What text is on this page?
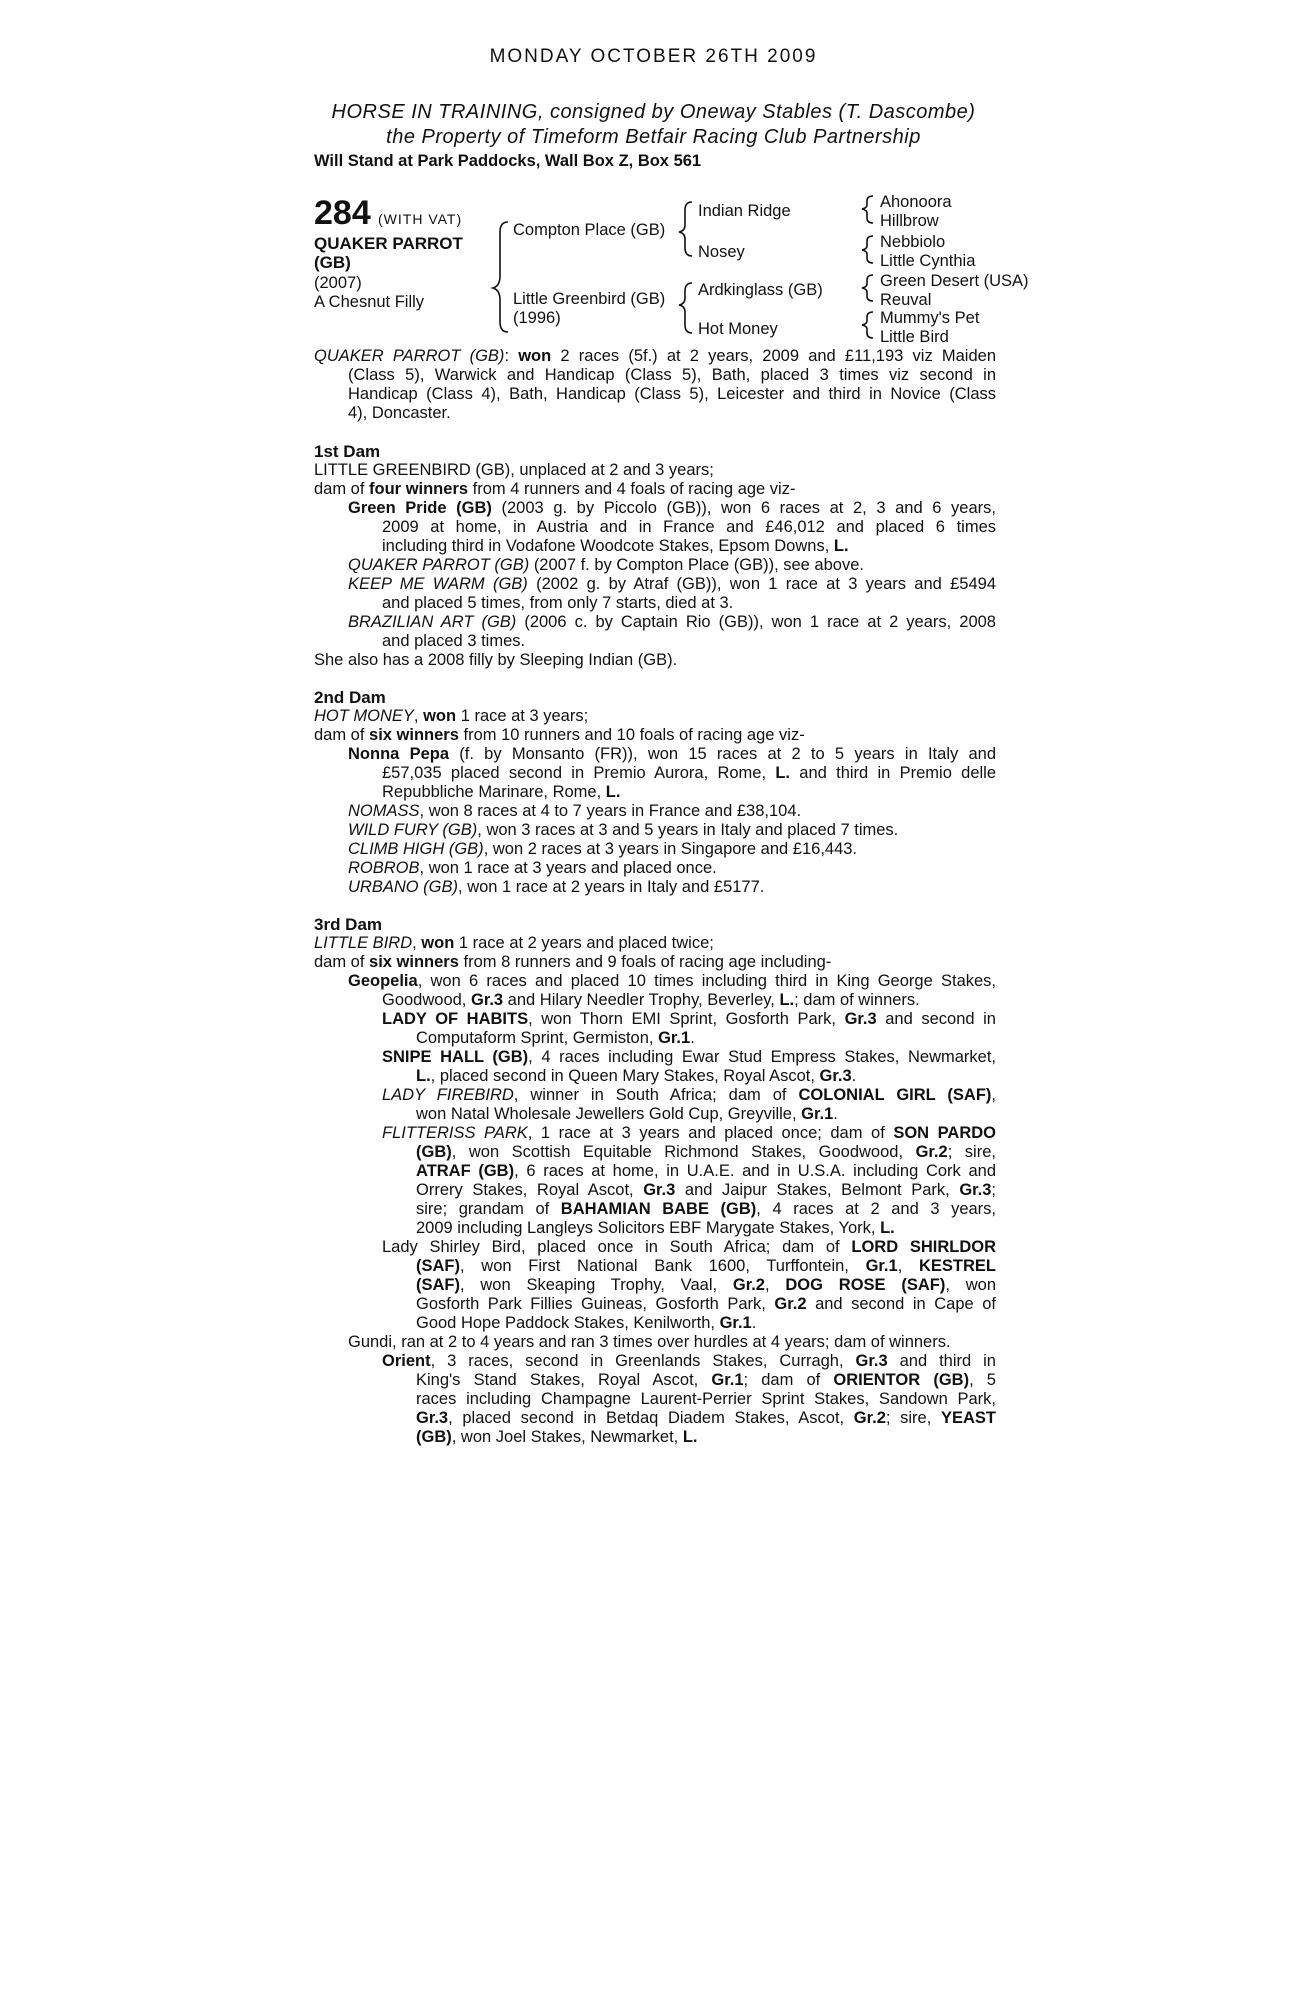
MONDAY OCTOBER 26TH 2009
HORSE IN TRAINING, consigned by Oneway Stables (T. Dascombe)
the Property of Timeform Betfair Racing Club Partnership
Will Stand at Park Paddocks, Wall Box Z, Box 561
284 (WITH VAT)
QUAKER PARROT
(GB)
(2007)
A Chesnut Filly
Compton Place (GB)
Little Greenbird (GB)
(1996)
Indian Ridge
Nosey
Ardkinglass (GB)
Hot Money
Ahonoora
Hillbrow
Nebbiolo
Little Cynthia
Green Desert (USA)
Reuval
Mummy's Pet
Little Bird
QUAKER PARROT (GB): won 2 races (5f.) at 2 years, 2009 and £11,193 viz Maiden
(Class 5), Warwick and Handicap (Class 5), Bath, placed 3 times viz second in
Handicap (Class 4), Bath, Handicap (Class 5), Leicester and third in Novice (Class
4), Doncaster.
1st Dam
LITTLE GREENBIRD (GB), unplaced at 2 and 3 years;
dam of four winners from 4 runners and 4 foals of racing age viz-
Green Pride (GB) (2003 g. by Piccolo (GB)), won 6 races at 2, 3 and 6 years,
2009 at home, in Austria and in France and £46,012 and placed 6 times
including third in Vodafone Woodcote Stakes, Epsom Downs, L.
QUAKER PARROT (GB) (2007 f. by Compton Place (GB)), see above.
KEEP ME WARM (GB) (2002 g. by Atraf (GB)), won 1 race at 3 years and £5494
and placed 5 times, from only 7 starts, died at 3.
BRAZILIAN ART (GB) (2006 c. by Captain Rio (GB)), won 1 race at 2 years, 2008
and placed 3 times.
She also has a 2008 filly by Sleeping Indian (GB).
2nd Dam
HOT MONEY, won 1 race at 3 years;
dam of six winners from 10 runners and 10 foals of racing age viz-
Nonna Pepa (f. by Monsanto (FR)), won 15 races at 2 to 5 years in Italy and
£57,035 placed second in Premio Aurora, Rome, L. and third in Premio delle
Repubbliche Marinare, Rome, L.
NOMASS, won 8 races at 4 to 7 years in France and £38,104.
WILD FURY (GB), won 3 races at 3 and 5 years in Italy and placed 7 times.
CLIMB HIGH (GB), won 2 races at 3 years in Singapore and £16,443.
ROBROB, won 1 race at 3 years and placed once.
URBANO (GB), won 1 race at 2 years in Italy and £5177.
3rd Dam
LITTLE BIRD, won 1 race at 2 years and placed twice;
dam of six winners from 8 runners and 9 foals of racing age including-
Geopelia, won 6 races and placed 10 times including third in King George Stakes,
Goodwood, Gr.3 and Hilary Needler Trophy, Beverley, L.; dam of winners.
LADY OF HABITS, won Thorn EMI Sprint, Gosforth Park, Gr.3 and second in
Computaform Sprint, Germiston, Gr.1.
SNIPE HALL (GB), 4 races including Ewar Stud Empress Stakes, Newmarket,
L., placed second in Queen Mary Stakes, Royal Ascot, Gr.3.
LADY FIREBIRD, winner in South Africa; dam of COLONIAL GIRL (SAF),
won Natal Wholesale Jewellers Gold Cup, Greyville, Gr.1.
FLITTERISS PARK, 1 race at 3 years and placed once; dam of SON PARDO
(GB), won Scottish Equitable Richmond Stakes, Goodwood, Gr.2; sire,
ATRAF (GB), 6 races at home, in U.A.E. and in U.S.A. including Cork and
Orrery Stakes, Royal Ascot, Gr.3 and Jaipur Stakes, Belmont Park, Gr.3;
sire; grandam of BAHAMIAN BABE (GB), 4 races at 2 and 3 years,
2009 including Langleys Solicitors EBF Marygate Stakes, York, L.
Lady Shirley Bird, placed once in South Africa; dam of LORD SHIRLDOR
(SAF), won First National Bank 1600, Turffontein, Gr.1, KESTREL
(SAF), won Skeaping Trophy, Vaal, Gr.2, DOG ROSE (SAF), won
Gosforth Park Fillies Guineas, Gosforth Park, Gr.2 and second in Cape of
Good Hope Paddock Stakes, Kenilworth, Gr.1.
Gundi, ran at 2 to 4 years and ran 3 times over hurdles at 4 years; dam of winners.
Orient, 3 races, second in Greenlands Stakes, Curragh, Gr.3 and third in
King's Stand Stakes, Royal Ascot, Gr.1; dam of ORIENTOR (GB), 5
races including Champagne Laurent-Perrier Sprint Stakes, Sandown Park,
Gr.3, placed second in Betdaq Diadem Stakes, Ascot, Gr.2; sire, YEAST
(GB), won Joel Stakes, Newmarket, L.
